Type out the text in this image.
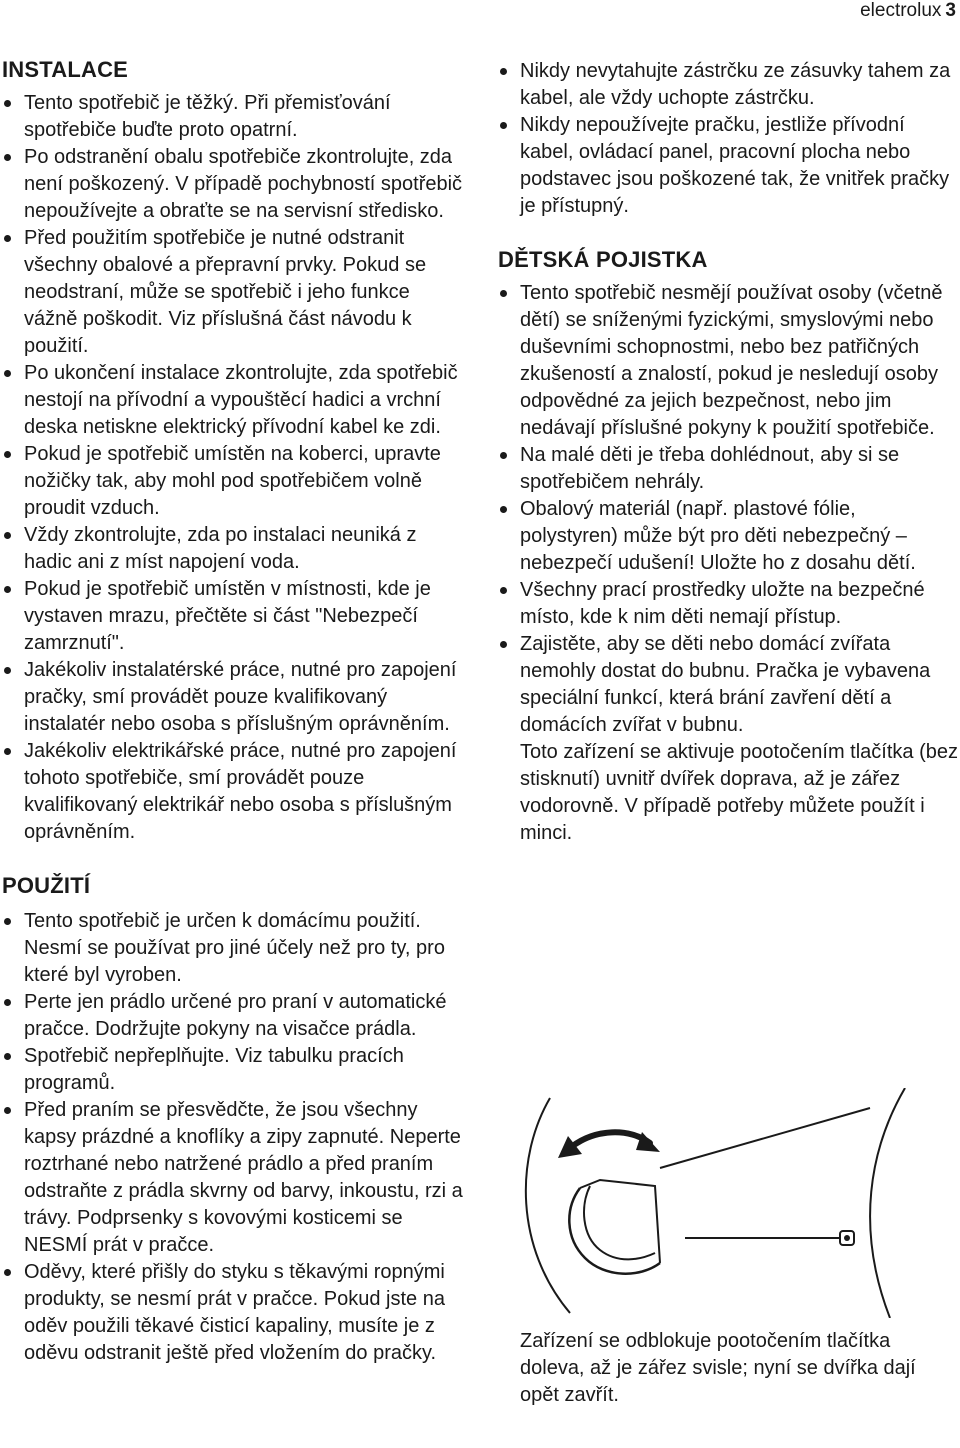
electrolux 3
INSTALACE
Tento spotřebič je těžký. Při přemisťování spotřebiče buďte proto opatrní.
Po odstranění obalu spotřebiče zkontrolujte, zda není poškozený. V případě pochybností spotřebič nepoužívejte a obraťte se na servisní středisko.
Před použitím spotřebiče je nutné odstranit všechny obalové a přepravní prvky. Pokud se neodstraní, může se spotřebič i jeho funkce vážně poškodit. Viz příslušná část návodu k použití.
Po ukončení instalace zkontrolujte, zda spotřebič nestojí na přívodní a vypouštěcí hadici a vrchní deska netiskne elektrický přívodní kabel ke zdi.
Pokud je spotřebič umístěn na koberci, upravte nožičky tak, aby mohl pod spotřebičem volně proudit vzduch.
Vždy zkontrolujte, zda po instalaci neuniká z hadic ani z míst napojení voda.
Pokud je spotřebič umístěn v místnosti, kde je vystaven mrazu, přečtěte si část "Nebezpečí zamrznutí".
Jakékoliv instalatérské práce, nutné pro zapojení pračky, smí provádět pouze kvalifikovaný instalatér nebo osoba s příslušným oprávněním.
Jakékoliv elektrikářské práce, nutné pro zapojení tohoto spotřebiče, smí provádět pouze kvalifikovaný elektrikář nebo osoba s příslušným oprávněním.
POUŽITÍ
Tento spotřebič je určen k domácímu použití. Nesmí se používat pro jiné účely než pro ty, pro které byl vyroben.
Perte jen prádlo určené pro praní v automatické pračce. Dodržujte pokyny na visačce prádla.
Spotřebič nepřeplňujte. Viz tabulku pracích programů.
Před praním se přesvědčte, že jsou všechny kapsy prázdné a knoflíky a zipy zapnuté. Neperte roztrhané nebo natržené prádlo a před praním odstraňte z prádla skvrny od barvy, inkoustu, rzi a trávy. Podprsenky s kovovými kosticemi se NESMÍ prát v pračce.
Oděvy, které přišly do styku s těkavými ropnými produkty, se nesmí prát v pračce. Pokud jste na oděv použili těkavé čisticí kapaliny, musíte je z oděvu odstranit ještě před vložením do pračky.
Nikdy nevytahujte zástrčku ze zásuvky tahem za kabel, ale vždy uchopte zástrčku.
Nikdy nepoužívejte pračku, jestliže přívodní kabel, ovládací panel, pracovní plocha nebo podstavec jsou poškozené tak, že vnitřek pračky je přístupný.
DĚTSKÁ POJISTKA
Tento spotřebič nesmějí používat osoby (včetně dětí) se sníženými fyzickými, smyslovými nebo duševními schopnostmi, nebo bez patřičných zkušeností a znalostí, pokud je nesledují osoby odpovědné za jejich bezpečnost, nebo jim nedávají příslušné pokyny k použití spotřebiče.
Na malé děti je třeba dohlédnout, aby si se spotřebičem nehrály.
Obalový materiál (např. plastové fólie, polystyren) může být pro děti nebezpečný – nebezpečí udušení! Uložte ho z dosahu dětí.
Všechny prací prostředky uložte na bezpečné místo, kde k nim děti nemají přístup.
Zajistěte, aby se děti nebo domácí zvířata nemohly dostat do bubnu. Pračka je vybavena speciální funkcí, která brání zavření dětí a domácích zvířat v bubnu.

Toto zařízení se aktivuje pootočením tlačítka (bez stisknutí) uvnitř dvířek doprava, až je zářez vodorovně. V případě potřeby můžete použít i minci.

Zařízení se odblokuje pootočením tlačítka doleva, až je zářez svisle; nyní se dvířka dají opět zavřít.
